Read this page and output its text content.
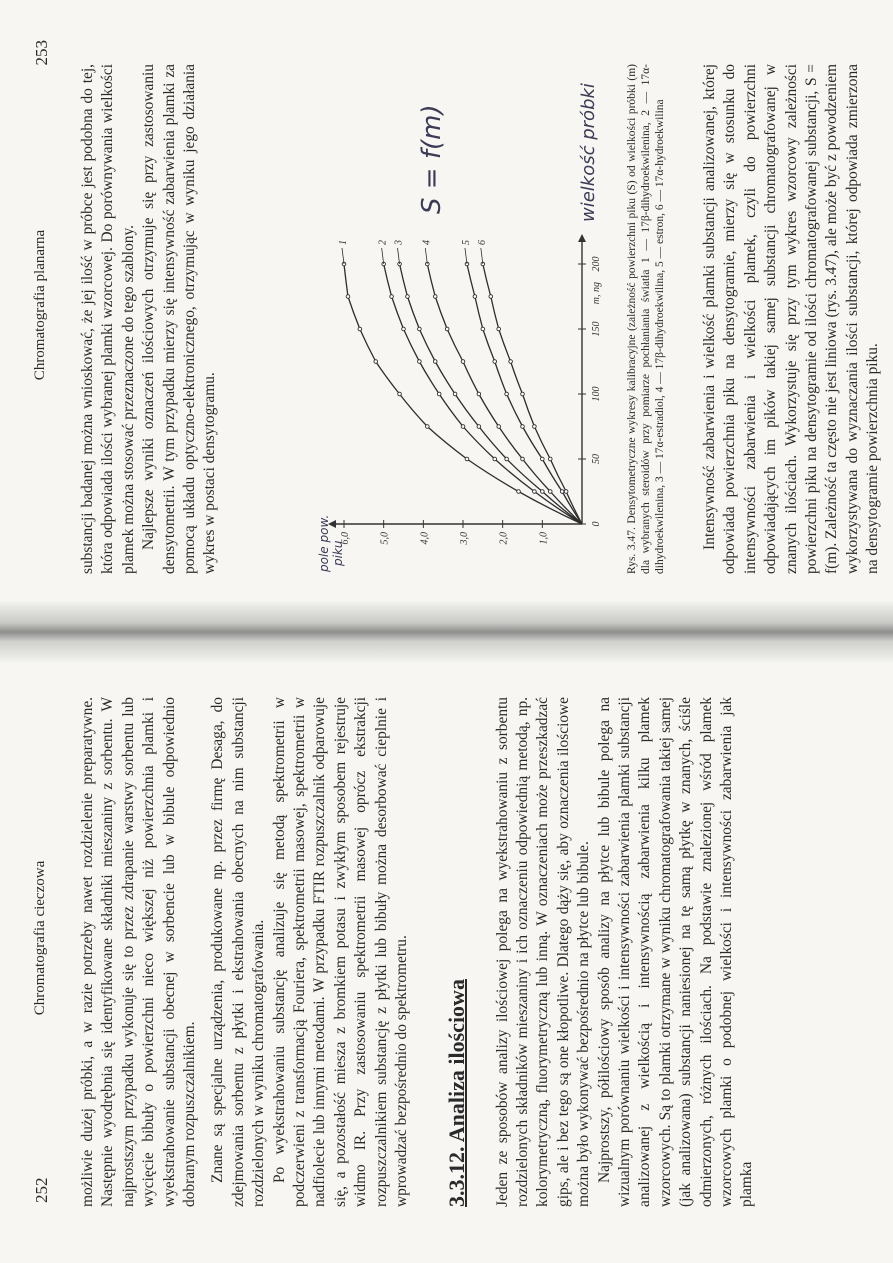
252
Chromatografia cieczowa możliwie dużej próbki, a w razie potrzeby nawet rozdzielenie preparatywne. Następnie wyodrębnia się identyfikowane składniki mieszaniny z sorbentu. W najprostszym przypadku wykonuje się to przez zdrapanie warstwy sorbentu lub wycięcie bibuły o powierzchni nieco większej niż powierzchnia plamki i wyekstrahowanie substancji obecnej w sorbencie lub w bibule odpowiednio dobranym rozpuszczalnikiem. Znane są specjalne urządzenia, produkowane np. przez firmę Desaga, do zdejmowania sorbentu z płytki i ekstrahowania obecnych na nim substancji rozdzielonych w wyniku chromatografowania. Po wyekstrahowaniu substancję analizuje się metodą spektrometrii w podczerwieni z transformacją Fouriera, spektrometrii masowej, spektrometrii w nadfiolecie lub innymi metodami. W przypadku FTIR rozpuszczalnik odparowuje się, a pozostałość miesza z bromkiem potasu i zwykłym sposobem rejestruje widmo IR. Przy zastosowaniu spektrometrii masowej oprócz ekstrakcji rozpuszczalnikiem substancję z płytki lub bibuły można desorbować cieplnie i wprowadzać bezpośrednio do spektrometru. 3.3.12. Analiza ilościowa Jeden ze sposobów analizy ilościowej polega na wyekstrahowaniu z sorbentu rozdzielonych składników mieszaniny i ich oznaczeniu odpowiednią metodą, np. kolorymetryczną, fluorymetryczną lub inną. W oznaczeniach może przeszkadzać gips, ale i bez tego są one kłopotliwe. Dlatego dąży się, aby oznaczenia ilościowe można było wykonywać bezpośrednio na płytce lub bibule. Najprostszy, półilościowy sposób analizy na płytce lub bibule polega na wizualnym porównaniu wielkości i intensywności zabarwienia plamki substancji analizowanej z wielkością i intensywnością zabarwienia kilku plamek wzorcowych. Są to plamki otrzymane w wyniku chromatografowania takiej samej (jak analizowana) substancji naniesionej na tę samą płytkę w znanych, ściśle odmierzonych, różnych ilościach. Na podstawie znalezionej wśród plamek wzorcowych plamki o podobnej wielkości i intensywności zabarwienia jak plamka

Chromatografia planarna
253

substancji badanej można wnioskować, że jej ilość w próbce jest podobna do tej, która odpowiada ilości wybranej plamki wzorcowej. Do porównywania wielkości plamek można stosować przeznaczone do tego szablony. Najlepsze wyniki oznaczeń ilościowych otrzymuje się przy zastosowaniu densytometrii. W tym przypadku mierzy się intensywność zabarwienia plamki za pomocą układu optyczno-elektronicznego, otrzymując w wyniku jego działania wykres w postaci densytogramu.	1,0
2,0
3,0
4,0
5,0
6,0
0
50
100
150
200
m, ng
1	2 3 4	5 6
pole pow. piku
S = f(m)	wielkość próbki Rys. 3.47. Densytometryczne wykresy kalibracyjne (zależność powierzchni piku (S) od wielkości próbki (m) dla wybranych steroidów przy pomiarze pochłaniania światła 1 — 17β-dihydroekwilenina, 2 — 17α-dihydroekwilenina, 3 — 17α-estradiol, 4 — 17β-dihydroekwilina, 5 — estron, 6 — 17α-hydroekwilina Intensywność zabarwienia i wielkość plamki substancji analizowanej, której odpowiada powierzchnia piku na densytogramie, mierzy się w stosunku do intensywności zabarwienia i wielkości plamek, czyli do powierzchni odpowiadających im pików takiej samej substancji chromatografowanej w znanych ilościach. Wykorzystuje się przy tym wykres wzorcowy zależności powierzchni piku na densytogramie od ilości chromatografowanej substancji, S = f(m). Zależność ta często nie jest liniowa (rys. 3.47), ale może być z powodzeniem wykorzystywana do wyznaczania ilości substancji, której odpowiada zmierzona na densytogramie powierzchnia piku.
